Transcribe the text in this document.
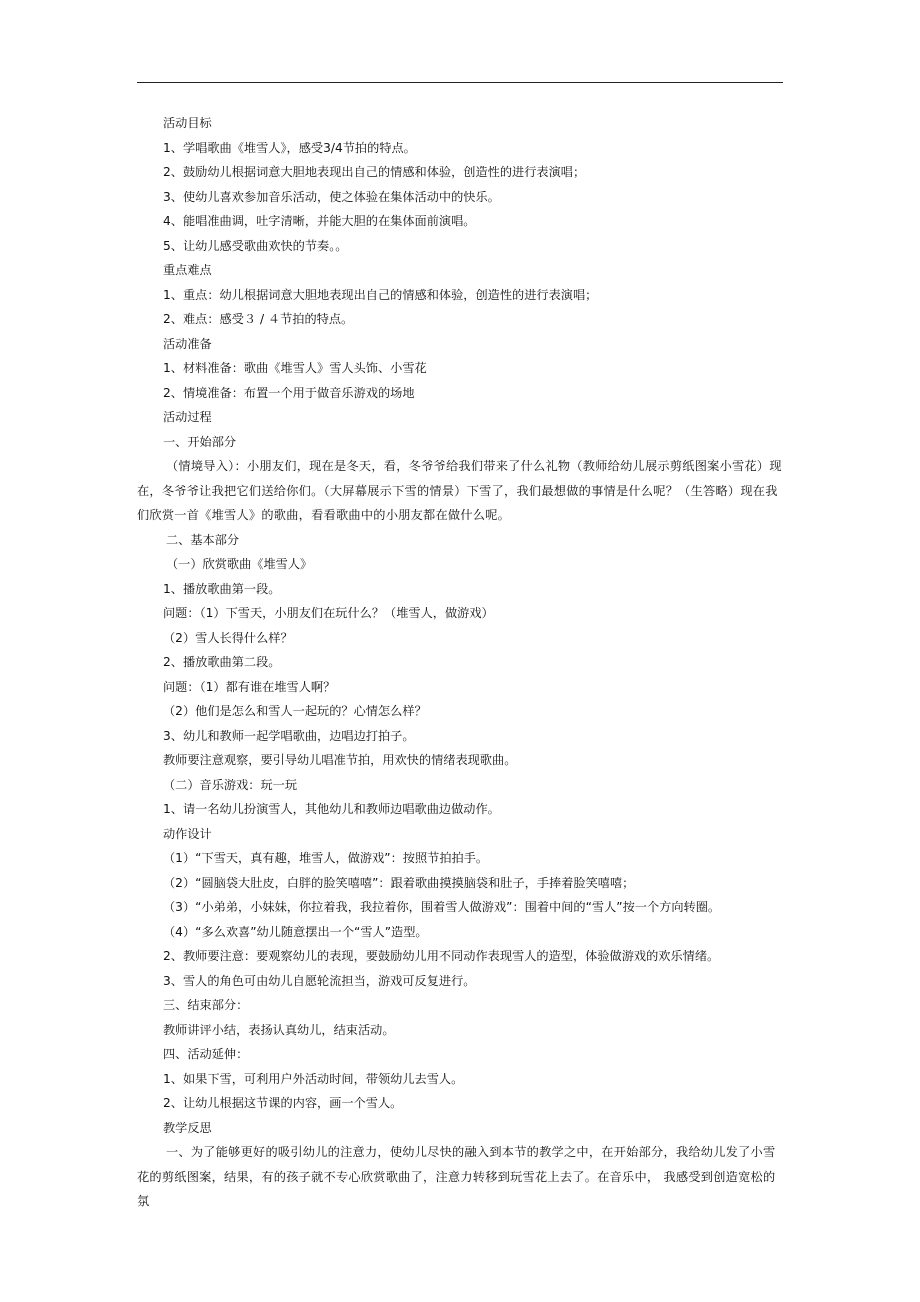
活动目标
1、学唱歌曲《堆雪人》，感受3/4节拍的特点。
2、鼓励幼儿根据词意大胆地表现出自己的情感和体验，创造性的进行表演唱；
3、使幼儿喜欢参加音乐活动，使之体验在集体活动中的快乐。
4、能唱准曲调，吐字清晰，并能大胆的在集体面前演唱。
5、让幼儿感受歌曲欢快的节奏。。
重点难点
1、重点：幼儿根据词意大胆地表现出自己的情感和体验，创造性的进行表演唱；
2、难点：感受３ / ４节拍的特点。
活动准备
1、材料准备：歌曲《堆雪人》雪人头饰、小雪花
2、情境准备：布置一个用于做音乐游戏的场地
活动过程
一、开始部分

（情境导入）：小朋友们，现在是冬天，看，冬爷爷给我们带来了什么礼物（教师给幼儿展示剪纸图案小雪花）现在，冬爷爷让我把它们送给你们。（大屏幕展示下雪的情景）下雪了，我们最想做的事情是什么呢？（生答略）现在我们欣赏一首《堆雪人》的歌曲，看看歌曲中的小朋友都在做什么呢。

二、基本部分
（一）欣赏歌曲《堆雪人》
1、播放歌曲第一段。
问题：（1）下雪天，小朋友们在玩什么？（堆雪人，做游戏）
（2）雪人长得什么样？
2、播放歌曲第二段。
问题：（1）都有谁在堆雪人啊？
（2）他们是怎么和雪人一起玩的？心情怎么样？
3、幼儿和教师一起学唱歌曲，边唱边打拍子。
教师要注意观察，要引导幼儿唱准节拍，用欢快的情绪表现歌曲。
（二）音乐游戏：玩一玩
1、请一名幼儿扮演雪人，其他幼儿和教师边唱歌曲边做动作。
动作设计
（1）“下雪天，真有趣，堆雪人，做游戏”：按照节拍拍手。
（2）“圆脑袋大肚皮，白胖的脸笑嘻嘻”：跟着歌曲摸摸脑袋和肚子，手捧着脸笑嘻嘻；
（3）“小弟弟，小妹妹，你拉着我，我拉着你，围着雪人做游戏”：围着中间的“雪人”按一个方向转圈。
（4）“多么欢喜”幼儿随意摆出一个“雪人”造型。
2、教师要注意：要观察幼儿的表现，要鼓励幼儿用不同动作表现雪人的造型，体验做游戏的欢乐情绪。
3、雪人的角色可由幼儿自愿轮流担当，游戏可反复进行。
三、结束部分：
教师讲评小结，表扬认真幼儿，结束活动。
四、活动延伸：
1、如果下雪，可利用户外活动时间，带领幼儿去雪人。
2、让幼儿根据这节课的内容，画一个雪人。
教学反思

一、为了能够更好的吸引幼儿的注意力，使幼儿尽快的融入到本节的教学之中，在开始部分，我给幼儿发了小雪花的剪纸图案，结果，有的孩子就不专心欣赏歌曲了，注意力转移到玩雪花上去了。在音乐中， 我感受到创造宽松的氛
